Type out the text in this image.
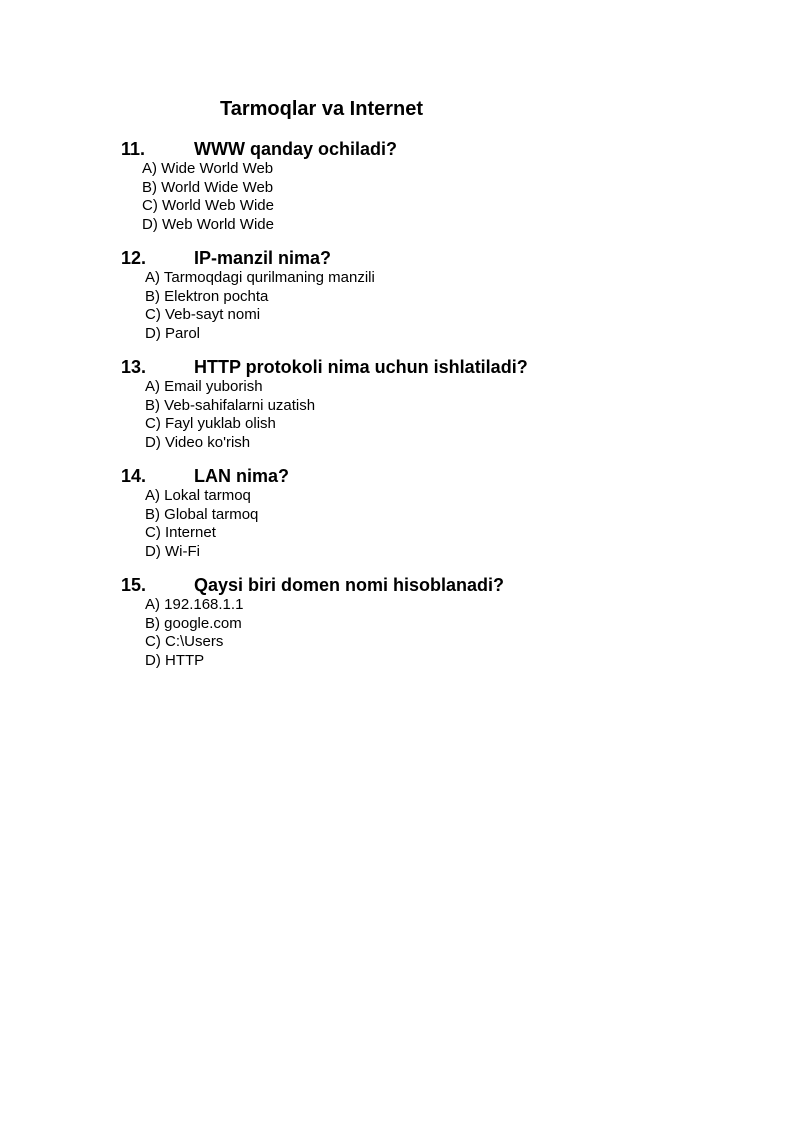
Tarmoqlar va Internet
11.	WWW qanday ochiladi?
A) Wide World Web
B) World Wide Web
C) World Web Wide
D) Web World Wide
12.	IP-manzil nima?
A) Tarmoqdagi qurilmaning manzili
B) Elektron pochta
C) Veb-sayt nomi
D) Parol
13.	HTTP protokoli nima uchun ishlatiladi?
A) Email yuborish
B) Veb-sahifalarni uzatish
C) Fayl yuklab olish
D) Video ko'rish
14.	LAN nima?
A) Lokal tarmoq
B) Global tarmoq
C) Internet
D) Wi-Fi
15.	Qaysi biri domen nomi hisoblanadi?
A) 192.168.1.1
B) google.com
C) C:\Users
D) HTTP
